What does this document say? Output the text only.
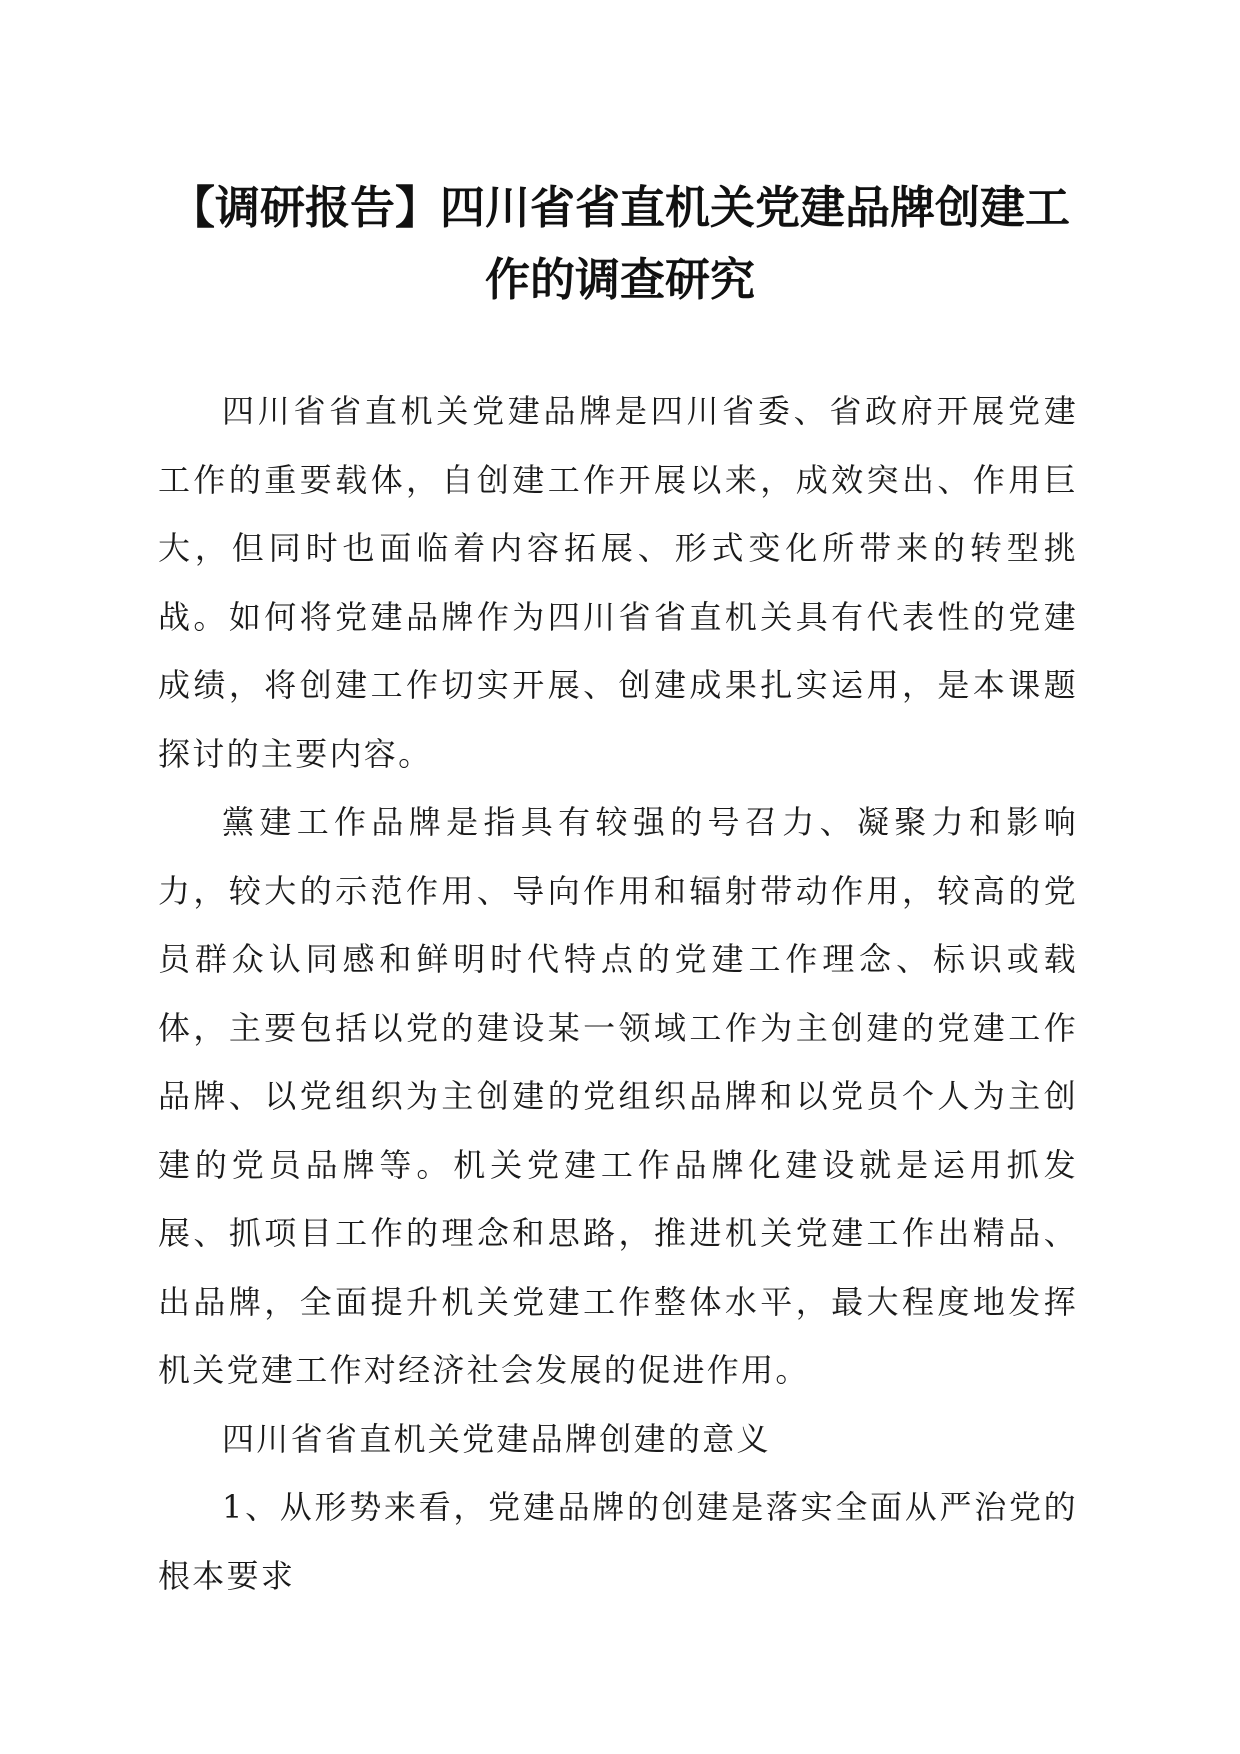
【调研报告】四川省省直机关党建品牌创建工作的调查研究

四川省省直机关党建品牌是四川省委、省政府开展党建工作的重要载体，自创建工作开展以来，成效突出、作用巨大，但同时也面临着内容拓展、形式变化所带来的转型挑战。如何将党建品牌作为四川省省直机关具有代表性的党建成绩，将创建工作切实开展、创建成果扎实运用，是本课题探讨的主要内容。

黨建工作品牌是指具有较强的号召力、凝聚力和影响力，较大的示范作用、导向作用和辐射带动作用，较高的党员群众认同感和鲜明时代特点的党建工作理念、标识或载体，主要包括以党的建设某一领域工作为主创建的党建工作品牌、以党组织为主创建的党组织品牌和以党员个人为主创建的党员品牌等。机关党建工作品牌化建设就是运用抓发展、抓项目工作的理念和思路，推进机关党建工作出精品、出品牌，全面提升机关党建工作整体水平，最大程度地发挥机关党建工作对经济社会发展的促进作用。

四川省省直机关党建品牌创建的意义

1、从形势来看，党建品牌的创建是落实全面从严治党的根本要求
